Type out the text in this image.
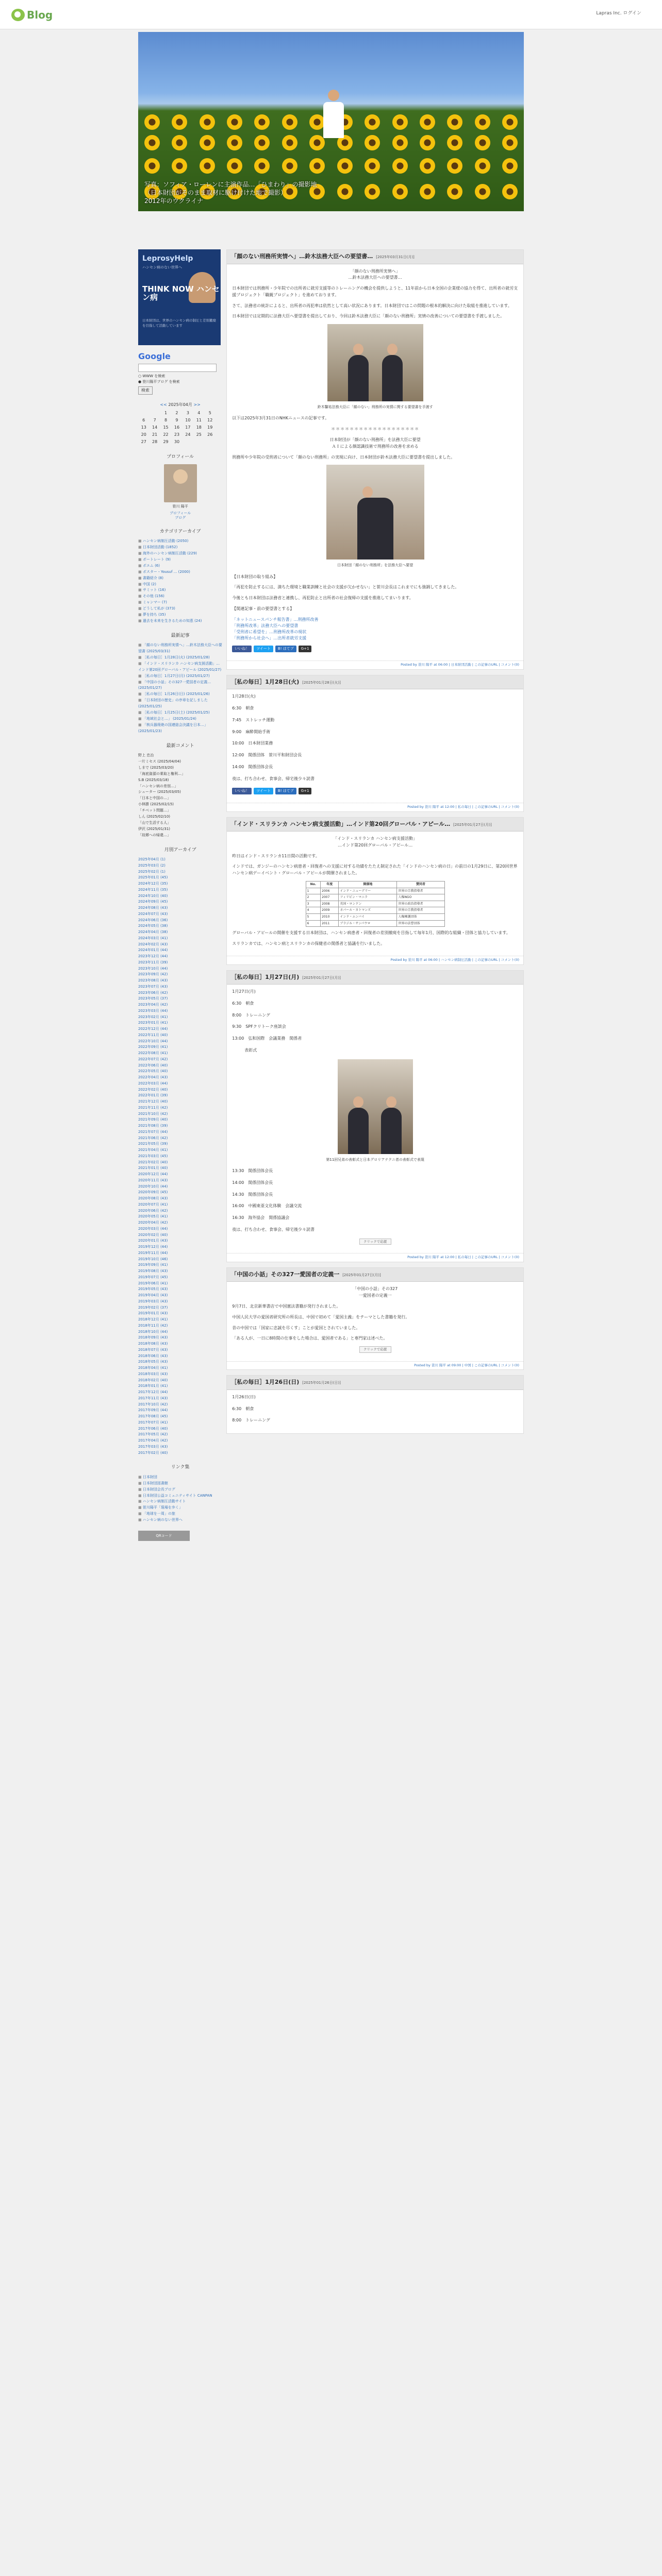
Blog	Lapras Inc. ログイン
写真：ソフィア・ローレンに主演作品…「ひまわり」の撮影地
（日本財団がそのまま取材に駆け付けた地で撮影）
2012年のウクライナ
LeprosyHelp
ハンセン病のない世界へ
THINK NOW ハンセン病
日本財団は、世界のハンセン病の制圧と差別撤廃を目指して活動しています
Google
○ WWW を検索
● 笹川陽平ブログ を検索
検索
<< 2025年04月 >>
		1	2	3	4	5
6	7	8	9	10	11	12
13	14	15	16	17	18	19
20	21	22	23	24	25	26
27	28	29	30			
プロフィール
笹川 陽平
プロフィール
ブログ
カテゴリアーカイブ
■ ハンセン病制圧活動 (2050)
■ 日本財団活動 (1852)
■ 海外のハンセン病制圧活動 (229)
■ ポートレート (9)
■ ポエム (6)
■ ポスター・Yousuf ... (2000)
■ 書籍紹介 (8)
■ 中国 (2)
■ サミット (16)
■ その他 (156)
■ ミャンマー (7)
■ どうして私が (373)
■ 夢を持ち (35)
■ 過去を未来を生きるための知恵 (24)
最新記事
■ 「顔のない刑務所実情へ」…鈴木法務大臣への要望書 (2025/03/31)
■ ［私の毎日］1月28日(火) (2025/01/28)
■ 「インド・スリランカ ハンセン病支援活動」…インド第20回グローバル・アピール (2025/01/27)
■ ［私の毎日］1月27日(月) (2025/01/27)
■ 「中国の小話」その327一愛国者の定義… (2025/01/27)
■ ［私の毎日］1月26日(日) (2025/01/26)
■ 「日本財団の歴史」の序章を記しました (2025/01/25)
■ ［私の毎日］1月25日(土) (2025/01/25)
■ 「地域社会と…」 (2025/01/24)
■ 「核兵器廃絶の国連総会決議を日本…」 (2025/01/23)
最新コメント
野上 忠治
一片ミセス (2025/04/04)
しまで (2025/03/20)
「海底資源の乗取と権利…」
S.B (2025/03/18)
「ハンセン病の差別…」
シューター (2025/03/05)
「日本と中国の…」
小林勝 (2025/02/15)
「チベット問題…」
しん (2025/02/10)
「山で生活する人」
伊沢 (2025/01/31)
「故郷への帰還…」
月別アーカイブ
2025年04月 (1)
2025年03月 (2)
2025年02月 (1)
2025年01月 (45)
2024年12月 (35)
2024年11月 (35)
2024年10月 (40)
2024年09月 (45)
2024年08月 (43)
2024年07月 (43)
2024年06月 (36)
2024年05月 (38)
2024年04月 (38)
2024年03月 (41)
2024年02月 (43)
2024年01月 (44)
2023年12月 (44)
2023年11月 (39)
2023年10月 (44)
2023年09月 (42)
2023年08月 (43)
2023年07月 (43)
2023年06月 (42)
2023年05月 (37)
2023年04月 (42)
2023年03月 (44)
2023年02月 (41)
2023年01月 (41)
2022年12月 (44)
2022年11月 (40)
2022年10月 (44)
2022年09月 (41)
2022年08月 (41)
2022年07月 (42)
2022年06月 (40)
2022年05月 (40)
2022年04月 (43)
2022年03月 (44)
2022年02月 (40)
2022年01月 (39)
2021年12月 (40)
2021年11月 (42)
2021年10月 (42)
2021年09月 (40)
2021年08月 (39)
2021年07月 (44)
2021年06月 (42)
2021年05月 (39)
2021年04月 (41)
2021年03月 (45)
2021年02月 (40)
2021年01月 (40)
2020年12月 (44)
2020年11月 (43)
2020年10月 (44)
2020年09月 (45)
2020年08月 (43)
2020年07月 (41)
2020年06月 (42)
2020年05月 (41)
2020年04月 (42)
2020年03月 (44)
2020年02月 (40)
2020年01月 (43)
2019年12月 (44)
2019年11月 (44)
2019年10月 (46)
2019年09月 (41)
2019年08月 (43)
2019年07月 (45)
2019年06月 (41)
2019年05月 (43)
2019年04月 (43)
2019年03月 (43)
2019年02月 (37)
2019年01月 (43)
2018年12月 (41)
2018年11月 (42)
2018年10月 (44)
2018年09月 (43)
2018年08月 (43)
2018年07月 (43)
2018年06月 (43)
2018年05月 (43)
2018年04月 (41)
2018年03月 (43)
2018年02月 (40)
2018年01月 (41)
2017年12月 (44)
2017年11月 (43)
2017年10月 (42)
2017年09月 (44)
2017年08月 (45)
2017年07月 (41)
2017年06月 (40)
2017年05月 (42)
2017年04月 (42)
2017年03月 (43)
2017年02月 (40)
リンク集
■ 日本財団
■ 日本財団図書館
■ 日本財団会長ブログ
■ 日本財団公益コミュニティサイト CANPAN
■ ハンセン病制圧活動サイト
■ 笹川陽平「現場を歩く」
■ 「地球を一周」の旅
■ ハンセン病のない世界へ
QRコード
「顔のない刑務所実情へ」…鈴木法務大臣への要望書… [2025年03月31日(月)]

「顔のない刑務所実情へ」
…鈴木法務大臣への要望書…

日本財団では刑務所・少年院での出所者に就労支援等のトレーニングの機会を提供しようと、11年前から日本全国の企業様の協力を得て、出所者の就労支援プロジェクト「職親プロジェクト」を進めております。

さて、法務省の統計によると、出所者の再犯率は依然として高い状況にあります。日本財団ではこの問題の根本的解決に向けた取組を推進しています。

日本財団では定期的に法務大臣へ要望書を提出しており、今回は鈴木法務大臣に「顔のない刑務所」実情の改善についての要望書を手渡しました。

鈴木馨祐法務大臣に「顔のない」刑務所の実情に関する要望書を手渡す

以下は2025年3月31日のNHKニュースの記事です。

＊＊＊＊＊＊＊＊＊＊＊＊＊＊＊＊＊＊＊

日本財団が「顔のない刑務所」を法務大臣に要望
ＡＩによる顔認識技術で刑務所の改善を求める

刑務所や少年院の受刑者について「顔のない刑務所」の実現に向け、日本財団が鈴木法務大臣に要望書を提出しました。

日本財団「顔のない刑務所」を法務大臣へ要望

【日本財団の取り組み】

「再犯を防止するには、満ちた環境と職業訓練と社会の支援が欠かせない」と笹川会長はこれまでにも強調してきました。

今後とも日本財団は法務省と連携し、再犯防止と出所者の社会復帰の支援を推進してまいります。

【関連記事・前の要望書とする】

「ネットニュースパンチ報告書」…刑務所改善
「刑務所改革」法務大臣への要望書
「受刑者に希望を」…刑務所改革の現状
「刑務所から社会へ」…出所者就労支援

いいね！	ツイート	B! はてブ	G+1
Posted by 笹川 陽平 at 06:00 | 日本財団活動 | この記事のURL | コメント(0)
［私の毎日］1月28日(火) [2025年01月28日(火)]

1月28日(火)

6:30　朝食

7:45　ストレッチ運動

9:00　麻酔開始手術

10:00　日本財団業務

12:00　関係団体　笹川平和財団会長

14:00　関係団体会長

夜は、打ち合わせ、食事会、帰宅後少々読書

いいね！	ツイート	B! はてブ	G+1
Posted by 笹川 陽平 at 12:00 | 私の毎日 | この記事のURL | コメント(0)
「インド・スリランカ ハンセン病支援活動」…インド第20回グローバル・アピール… [2025年01月27日(月)]

「インド・スリランカ ハンセン病支援活動」
…インド第20回グローバル・アピール…

昨日はインド・スリランカ11日間の活動です。

インドでは、ガンジーのハンセン病患者・回復者への支援に対する功績をたたえ制定された「インドのハンセン病の日」の前日の1月29日に、第20回世界ハンセン病デーイベント・グローバル・アピールが開催されました。

No.	年度	開催地	賛同者
1	2006	インド・ニューデリー	世界の宗教指導者
2	2007	フィリピン・マニラ	人権NGO
3	2008	英国・ロンドン	世界の政治指導者
4	2009	ネパール・カトマンズ	世界の宗教指導者
5	2010	インド・ムンバイ	人権擁護団体
6	2011	ブラジル・サンパウロ	世界の法曹団体

グローバル・アピールの開催を支援する日本財団は、ハンセン病患者・回復者の差別撤廃を目指して毎年1月、国際的な組織・団体と協力しています。

スリランカでは、ハンセン病とスリランカの保健省の関係者と協議を行いました。

Posted by 笹川 陽平 at 06:00 | ハンセン病制圧活動 | この記事のURL | コメント(0)
［私の毎日］1月27日(月) [2025年01月27日(月)]

1月27日(月)

6:30　朝食

8:00　トレーニング

9:30　SPFクリトーク座談会

13:00　弘和国際　会議業務　関係者

　　　表彰式

第11回兄弟の表彰式と日本グロリアテクニ者の表彰式で表現

13:30　関係団体会長

14:00　関係団体会長

14:30　関係団体会長

16:00　中國東亜文化体験　会議交流

16:30　海外協会　関係協議会

夜は、打ち合わせ、食事会、帰宅後少々読書

クリックで応援
Posted by 笹川 陽平 at 12:00 | 私の毎日 | この記事のURL | コメント(0)
「中国の小話」その327一愛国者の定義一 [2025年01月27日(月)]

「中国の小話」その327
一愛国者の定義一

9月7日、北京新華書店で中国憲法書籍が発行されました。

中国人民大学の愛国者研究所の所長は、中国で初めて「愛国主義」をテーマとした書籍を発行。

昔の中国では「国家に忠誠を尽くす」ことが愛国とされていました。

「ある人が、一日に8時間の仕事をした場合は、愛国者である」と専門家は述べた。

クリックで応援
Posted by 笹川 陽平 at 09:00 | 中国 | この記事のURL | コメント(0)
［私の毎日］1月26日(日) [2025年01月26日(日)]

1月26日(日)

6:30　朝食

8:00　トレーニング
